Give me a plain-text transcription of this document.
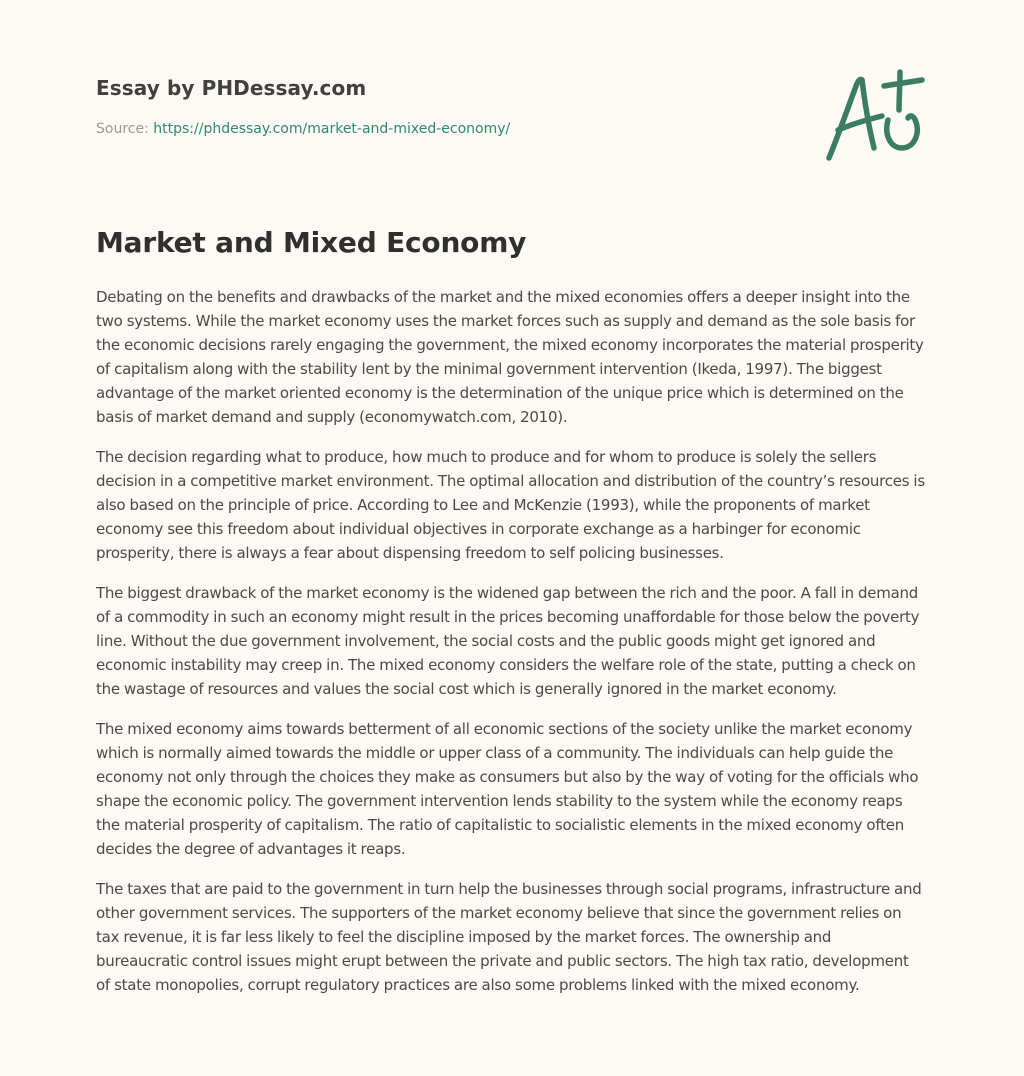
Essay by PHDessay.com
Source: https://phdessay.com/market-and-mixed-economy/
Market and Mixed Economy

Debating on the benefits and drawbacks of the market and the mixed economies offers a deeper insight into the two systems. While the market economy uses the market forces such as supply and demand as the sole basis for the economic decisions rarely engaging the government, the mixed economy incorporates the material prosperity of capitalism along with the stability lent by the minimal government intervention (Ikeda, 1997). The biggest advantage of the market oriented economy is the determination of the unique price which is determined on the basis of market demand and supply (economywatch.com, 2010).

The decision regarding what to produce, how much to produce and for whom to produce is solely the sellers decision in a competitive market environment. The optimal allocation and distribution of the country’s resources is also based on the principle of price. According to Lee and McKenzie (1993), while the proponents of market economy see this freedom about individual objectives in corporate exchange as a harbinger for economic prosperity, there is always a fear about dispensing freedom to self policing businesses.

The biggest drawback of the market economy is the widened gap between the rich and the poor. A fall in demand of a commodity in such an economy might result in the prices becoming unaffordable for those below the poverty line. Without the due government involvement, the social costs and the public goods might get ignored and economic instability may creep in. The mixed economy considers the welfare role of the state, putting a check on the wastage of resources and values the social cost which is generally ignored in the market economy.

The mixed economy aims towards betterment of all economic sections of the society unlike the market economy which is normally aimed towards the middle or upper class of a community. The individuals can help guide the economy not only through the choices they make as consumers but also by the way of voting for the officials who shape the economic policy. The government intervention lends stability to the system while the economy reaps the material prosperity of capitalism. The ratio of capitalistic to socialistic elements in the mixed economy often decides the degree of advantages it reaps.

The taxes that are paid to the government in turn help the businesses through social programs, infrastructure and other government services. The supporters of the market economy believe that since the government relies on tax revenue, it is far less likely to feel the discipline imposed by the market forces. The ownership and bureaucratic control issues might erupt between the private and public sectors. The high tax ratio, development of state monopolies, corrupt regulatory practices are also some problems linked with the mixed economy.
